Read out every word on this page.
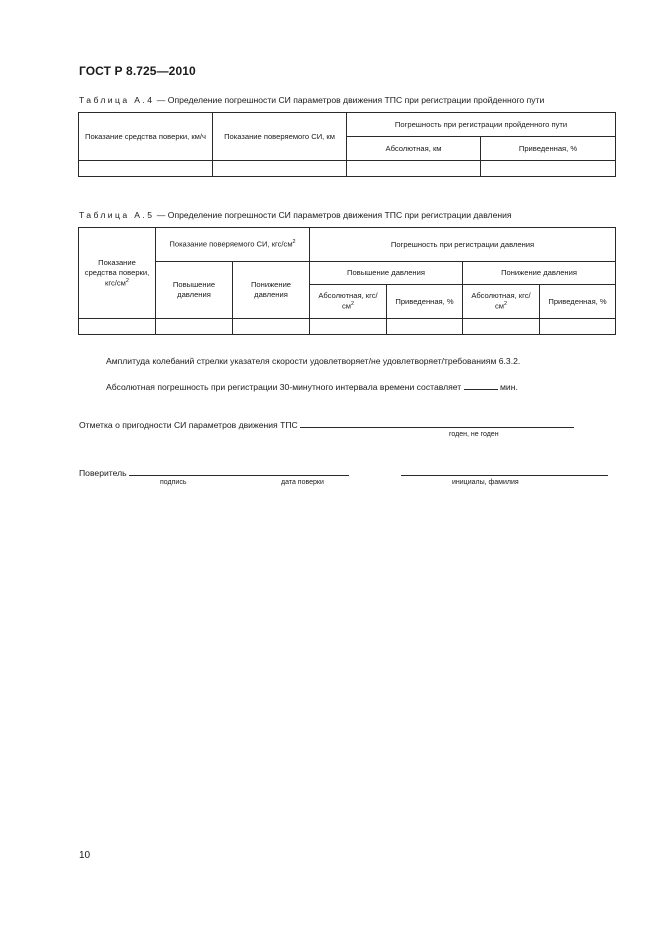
ГОСТ Р 8.725—2010
Таблица А.4 — Определение погрешности СИ параметров движения ТПС при регистрации пройденного пути
Показание средства поверки, км/ч	Показание поверяемого СИ, км	Погрешность при регистрации пройденного пути	
		Абсолютная, км	Приведенная, %

Таблица А.5 — Определение погрешности СИ параметров движения ТПС при регистрации давления
Показание средства поверки, кгс/$см^2$	Показание поверяемого СИ, кгс/$см^2$		Погрешность при регистрации давления			
	Повышение давления	Понижение давления	Повышение давления		Понижение давления	
			Абсолютная, кгс/$см^2$	Приведенная, %	Абсолютная, кгс/$см^2$	Приведенная, %

Амплитуда колебаний стрелки указателя скорости удовлетворяет/не удовлетворяет/требованиям 6.3.2.
Абсолютная погрешность при регистрации 30-минутного интервала времени составляет	мин.
Отметка о пригодности СИ параметров движения ТПС
годен, не годен
Поверитель
подпись	дата поверки	инициалы, фамилия
10
